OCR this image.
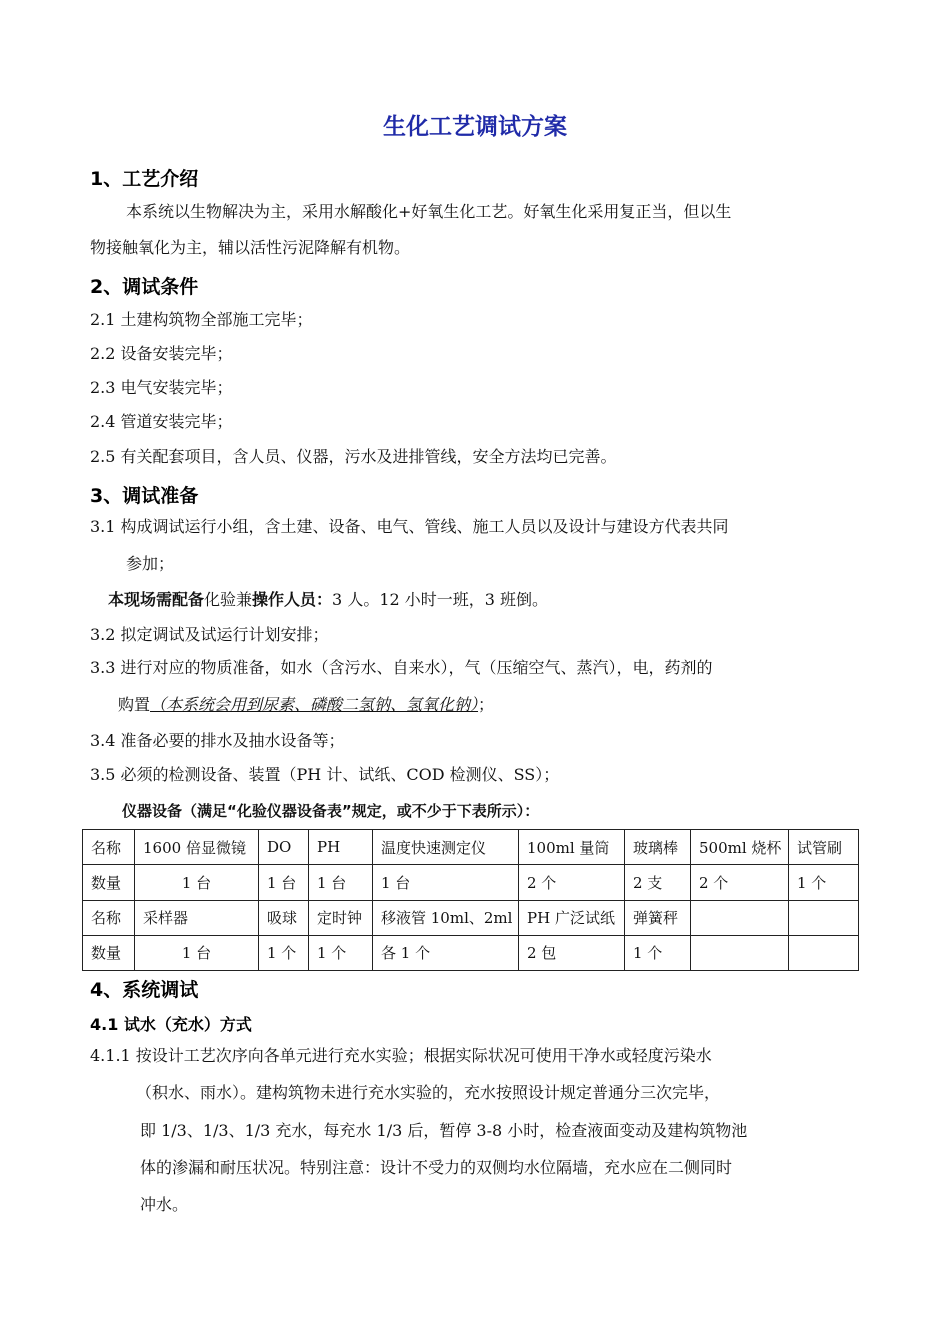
生化工艺调试方案
1、工艺介绍
本系统以生物解决为主，采用水解酸化+好氧生化工艺。好氧生化采用复正当，但以生
物接触氧化为主，辅以活性污泥降解有机物。
2、调试条件
2.1 土建构筑物全部施工完毕；
2.2 设备安装完毕；
2.3 电气安装完毕；
2.4 管道安装完毕；
2.5 有关配套项目，含人员、仪器，污水及进排管线，安全方法均已完善。
3、调试准备
3.1 构成调试运行小组，含土建、设备、电气、管线、施工人员以及设计与建设方代表共同
参加；
本现场需配备化验兼操作人员：3 人。12 小时一班，3 班倒。
3.2 拟定调试及试运行计划安排；
3.3 进行对应的物质准备，如水（含污水、自来水），气（压缩空气、蒸汽），电，药剂的
购置（本系统会用到尿素、磷酸二氢钠、氢氧化钠）；
3.4 准备必要的排水及抽水设备等；
3.5 必须的检测设备、装置（PH 计、试纸、COD 检测仪、SS）；
仪器设备（满足“化验仪器设备表”规定，或不少于下表所示）：
名称	1600 倍显微镜	DO	PH	温度快速测定仪	100ml 量筒	玻璃棒	500ml 烧杯	试管刷
数量	1 台	1 台	1 台	1 台	2 个	2 支	2 个	1 个
名称	采样器	吸球	定时钟	移液管 10ml、2ml	PH 广泛试纸	弹簧秤		
数量	1 台	1 个	1 个	各 1 个	2 包	1 个		
4、系统调试
4.1 试水（充水）方式
4.1.1 按设计工艺次序向各单元进行充水实验；根据实际状况可使用干净水或轻度污染水
（积水、雨水）。建构筑物未进行充水实验的，充水按照设计规定普通分三次完毕，
即 1/3、1/3、1/3 充水，每充水 1/3 后，暂停 3-8 小时，检查液面变动及建构筑物池
体的渗漏和耐压状况。特别注意：设计不受力的双侧均水位隔墙，充水应在二侧同时
冲水。
